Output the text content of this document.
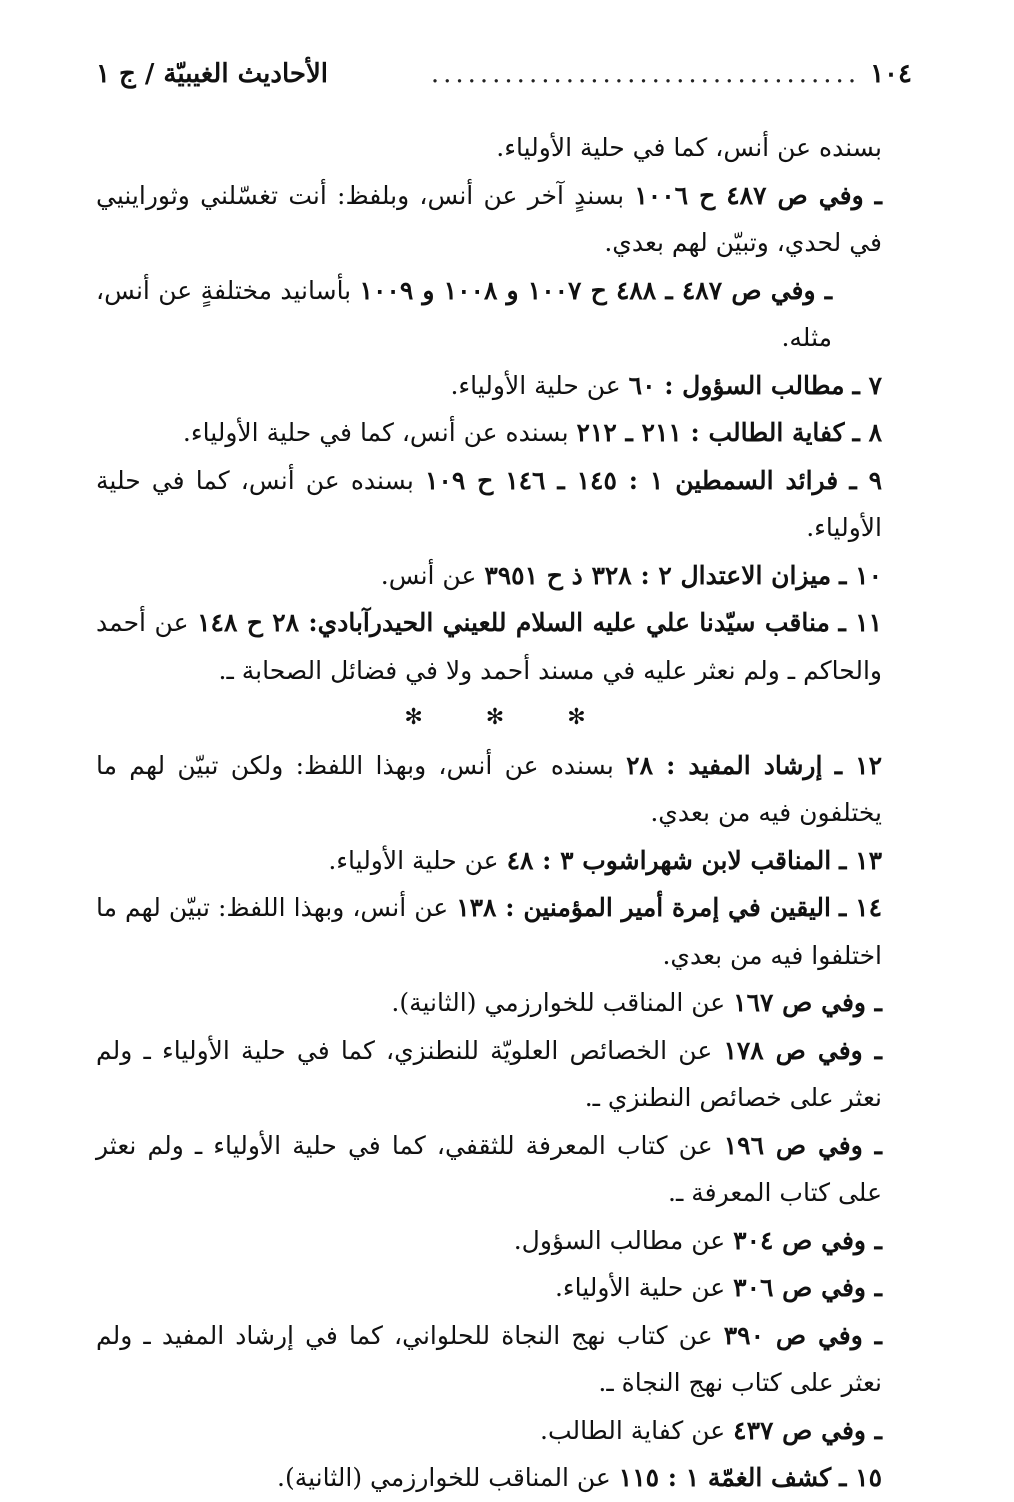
١٠٤
...................................
الأحاديث الغيبيّة / ج ١

بسنده عن أنس، كما في حلية الأولياء.

ـ وفي ص ٤٨٧ ح ١٠٠٦ بسندٍ آخر عن أنس، وبلفظ: أنت تغسّلني وثوراينيي في لحدي، وتبيّن لهم بعدي.

ـ وفي ص ٤٨٧ ـ ٤٨٨ ح ١٠٠٧ و ١٠٠٨ و ١٠٠٩ بأسانيد مختلفةٍ عن أنس، مثله.

٧ ـ مطالب السؤول : ٦٠ عن حلية الأولياء.

٨ ـ كفاية الطالب : ٢١١ ـ ٢١٢ بسنده عن أنس، كما في حلية الأولياء.

٩ ـ فرائد السمطين ١ : ١٤٥ ـ ١٤٦ ح ١٠٩ بسنده عن أنس، كما في حلية الأولياء.

١٠ ـ ميزان الاعتدال ٢ : ٣٢٨ ذ ح ٣٩٥١ عن أنس.

١١ ـ مناقب سيّدنا علي عليه السلام للعيني الحيدرآبادي: ٢٨ ح ١٤٨ عن أحمد والحاكم ـ ولم نعثر عليه في مسند أحمد ولا في فضائل الصحابة ـ.

✻ ✻ ✻

١٢ ـ إرشاد المفيد : ٢٨ بسنده عن أنس، وبهذا اللفظ: ولكن تبيّن لهم ما يختلفون فيه من بعدي.

١٣ ـ المناقب لابن شهراشوب ٣ : ٤٨ عن حلية الأولياء.

١٤ ـ اليقين في إمرة أمير المؤمنين : ١٣٨ عن أنس، وبهذا اللفظ: تبيّن لهم ما اختلفوا فيه من بعدي.

ـ وفي ص ١٦٧ عن المناقب للخوارزمي (الثانية).

ـ وفي ص ١٧٨ عن الخصائص العلويّة للنطنزي، كما في حلية الأولياء ـ ولم نعثر على خصائص النطنزي ـ.

ـ وفي ص ١٩٦ عن كتاب المعرفة للثقفي، كما في حلية الأولياء ـ ولم نعثر على كتاب المعرفة ـ.

ـ وفي ص ٣٠٤ عن مطالب السؤول.

ـ وفي ص ٣٠٦ عن حلية الأولياء.

ـ وفي ص ٣٩٠ عن كتاب نهج النجاة للحلواني، كما في إرشاد المفيد ـ ولم نعثر على كتاب نهج النجاة ـ.

ـ وفي ص ٤٣٧ عن كفاية الطالب.

١٥ ـ كشف الغمّة ١ : ١١٥ عن المناقب للخوارزمي (الثانية).
